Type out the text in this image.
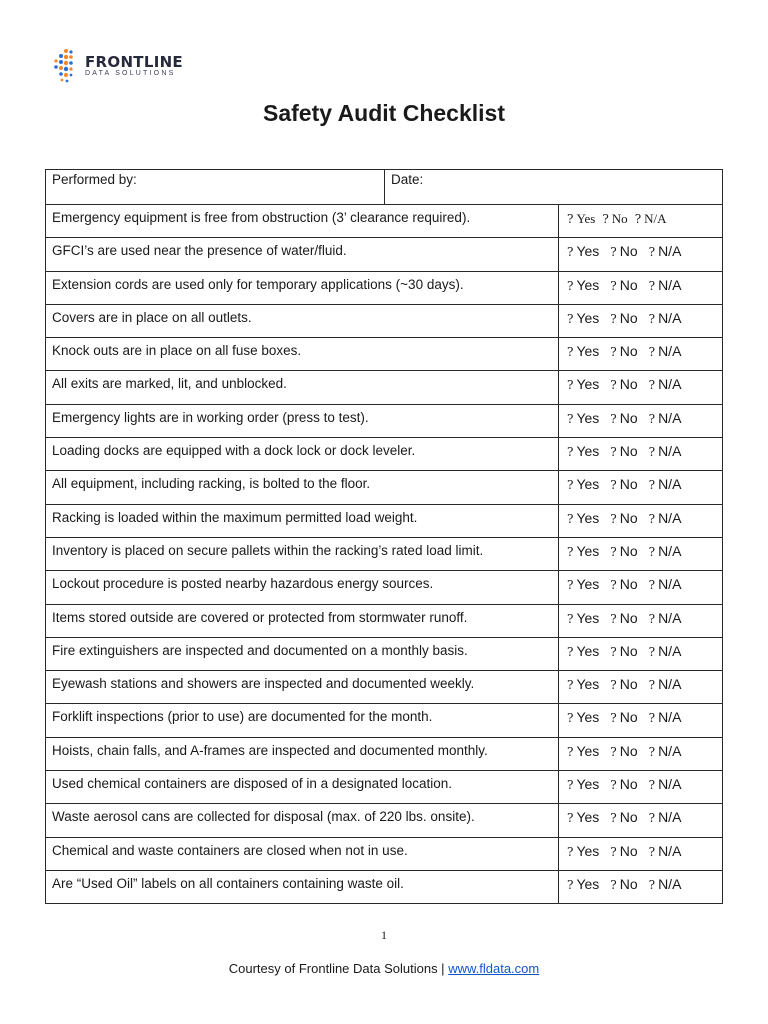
FRONTLINE
DATA SOLUTIONS
Safety Audit Checklist
Performed by:	Date:	
Emergency equipment is free from obstruction (3’ clearance required).		? Yes ? No ? N/A
GFCI’s are used near the presence of water/fluid.		? Yes ? No ? N/A
Extension cords are used only for temporary applications (~30 days).		? Yes ? No ? N/A
Covers are in place on all outlets.		? Yes ? No ? N/A
Knock outs are in place on all fuse boxes.		? Yes ? No ? N/A
All exits are marked, lit, and unblocked.		? Yes ? No ? N/A
Emergency lights are in working order (press to test).		? Yes ? No ? N/A
Loading docks are equipped with a dock lock or dock leveler.		? Yes ? No ? N/A
All equipment, including racking, is bolted to the floor.		? Yes ? No ? N/A
Racking is loaded within the maximum permitted load weight.		? Yes ? No ? N/A
Inventory is placed on secure pallets within the racking’s rated load limit.		? Yes ? No ? N/A
Lockout procedure is posted nearby hazardous energy sources.		? Yes ? No ? N/A
Items stored outside are covered or protected from stormwater runoff.		? Yes ? No ? N/A
Fire extinguishers are inspected and documented on a monthly basis.		? Yes ? No ? N/A
Eyewash stations and showers are inspected and documented weekly.		? Yes ? No ? N/A
Forklift inspections (prior to use) are documented for the month.		? Yes ? No ? N/A
Hoists, chain falls, and A-frames are inspected and documented monthly.		? Yes ? No ? N/A
Used chemical containers are disposed of in a designated location.		? Yes ? No ? N/A
Waste aerosol cans are collected for disposal (max. of 220 lbs. onsite).		? Yes ? No ? N/A
Chemical and waste containers are closed when not in use.		? Yes ? No ? N/A
Are “Used Oil” labels on all containers containing waste oil.		? Yes ? No ? N/A
1
Courtesy of Frontline Data Solutions | www.fldata.com
